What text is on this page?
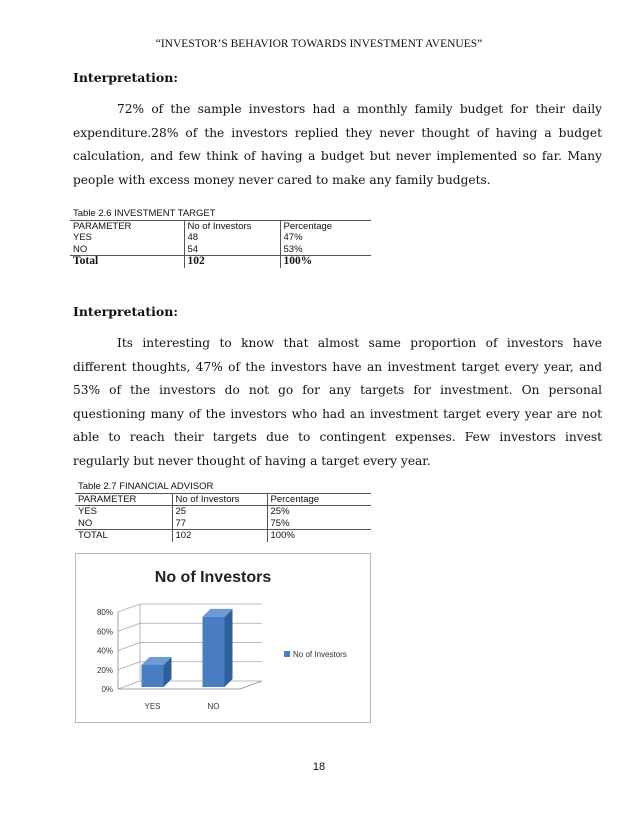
“INVESTOR’S BEHAVIOR TOWARDS INVESTMENT AVENUES”
Interpretation:

72% of the sample investors had a monthly family budget for their daily expenditure.28% of the investors replied they never thought of having a budget calculation, and few think of having a budget but never implemented so far. Many people with excess money never cared to make any family budgets.

Table 2.6 INVESTMENT TARGET		
PARAMETER	No of Investors	Percentage
YES	48	47%
NO	54	53%
Total	102	100%
Interpretation:

Its interesting to know that almost same proportion of investors have different thoughts, 47% of the investors have an investment target every year, and 53% of the investors do not go for any targets for investment. On personal questioning many of the investors who had an investment target every year are not able to reach their targets due to contingent expenses. Few investors invest regularly but never thought of having a target every year.

Table 2.7 FINANCIAL ADVISOR		
PARAMETER	No of Investors	Percentage
YES	25	25%
NO	77	75%
TOTAL	102	100%
No of Investors
0%
20%
40%
60%
80%
YES	NO
No of Investors
18
